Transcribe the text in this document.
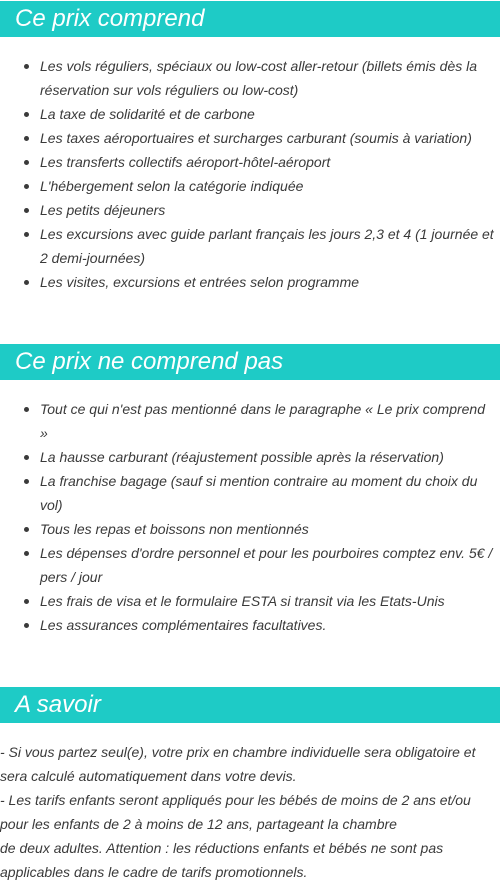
Ce prix comprend
Les vols réguliers, spéciaux ou low-cost aller-retour (billets émis dès la réservation sur vols réguliers ou low-cost)
La taxe de solidarité et de carbone
Les taxes aéroportuaires et surcharges carburant (soumis à variation)
Les transferts collectifs aéroport-hôtel-aéroport
L'hébergement selon la catégorie indiquée
Les petits déjeuners
Les excursions avec guide parlant français les jours 2,3 et 4 (1 journée et 2 demi-journées)
Les visites, excursions et entrées selon programme
Ce prix ne comprend pas
Tout ce qui n'est pas mentionné dans le paragraphe « Le prix comprend »
La hausse carburant (réajustement possible après la réservation)
La franchise bagage (sauf si mention contraire au moment du choix du vol)
Tous les repas et boissons non mentionnés
Les dépenses d'ordre personnel et pour les pourboires comptez env. 5€ / pers / jour
Les frais de visa et le formulaire ESTA si transit via les Etats-Unis
Les assurances complémentaires facultatives.
A savoir

- Si vous partez seul(e), votre prix en chambre individuelle sera obligatoire et sera calculé automatiquement dans votre devis.

- Les tarifs enfants seront appliqués pour les bébés de moins de 2 ans et/ou pour les enfants de 2 à moins de 12 ans, partageant la chambre

de deux adultes. Attention : les réductions enfants et bébés ne sont pas applicables dans le cadre de tarifs promotionnels.
